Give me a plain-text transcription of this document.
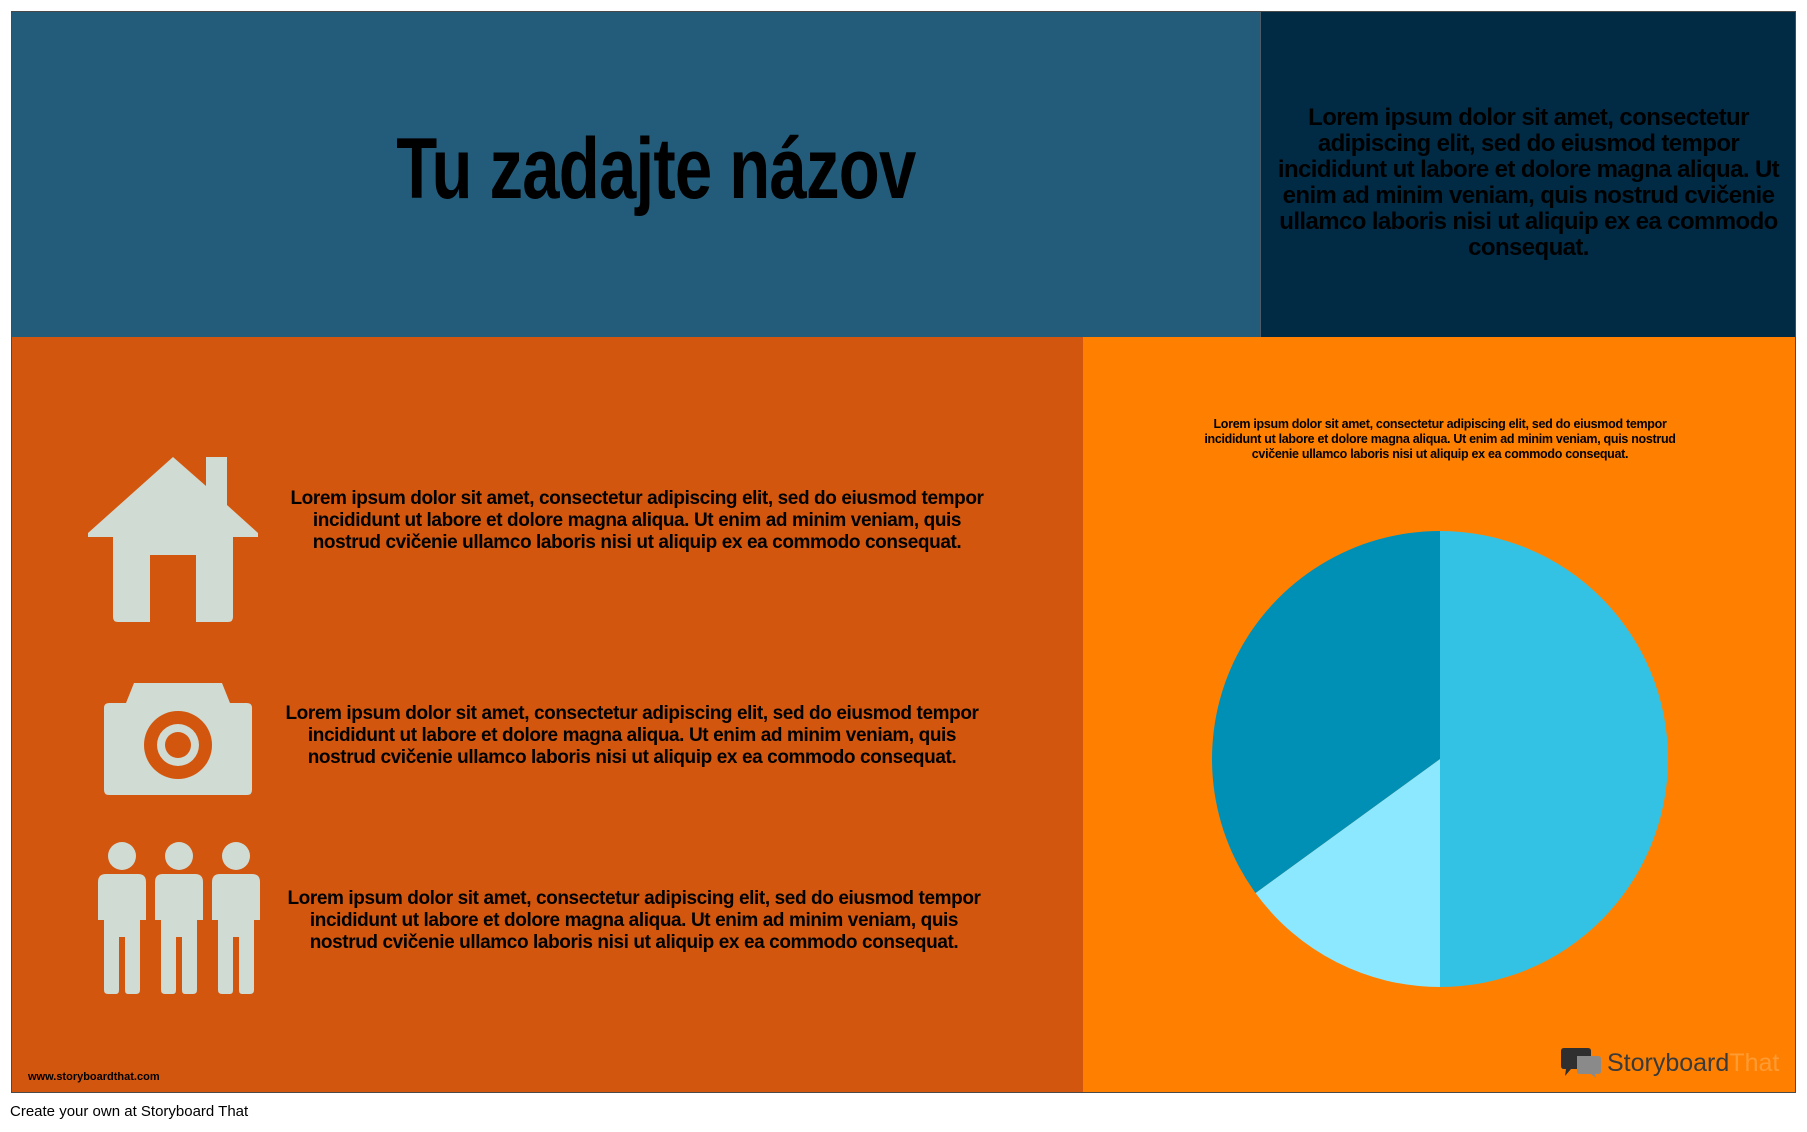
Tu zadajte názov

Lorem ipsum dolor sit amet, consectetur adipiscing elit, sed do eiusmod tempor incididunt ut labore et dolore magna aliqua. Ut enim ad minim veniam, quis nostrud cvičenie ullamco laboris nisi ut aliquip ex ea commodo consequat.

Lorem ipsum dolor sit amet, consectetur adipiscing elit, sed do eiusmod tempor incididunt ut labore et dolore magna aliqua. Ut enim ad minim veniam, quis nostrud cvičenie ullamco laboris nisi ut aliquip ex ea commodo consequat.

Lorem ipsum dolor sit amet, consectetur adipiscing elit, sed do eiusmod tempor incididunt ut labore et dolore magna aliqua. Ut enim ad minim veniam, quis nostrud cvičenie ullamco laboris nisi ut aliquip ex ea commodo consequat.

Lorem ipsum dolor sit amet, consectetur adipiscing elit, sed do eiusmod tempor incididunt ut labore et dolore magna aliqua. Ut enim ad minim veniam, quis nostrud cvičenie ullamco laboris nisi ut aliquip ex ea commodo consequat.

www.storyboardthat.com

Lorem ipsum dolor sit amet, consectetur adipiscing elit, sed do eiusmod tempor incididunt ut labore et dolore magna aliqua. Ut enim ad minim veniam, quis nostrud cvičenie ullamco laboris nisi ut aliquip ex ea commodo consequat.

StoryboardThat

Create your own at Storyboard That
